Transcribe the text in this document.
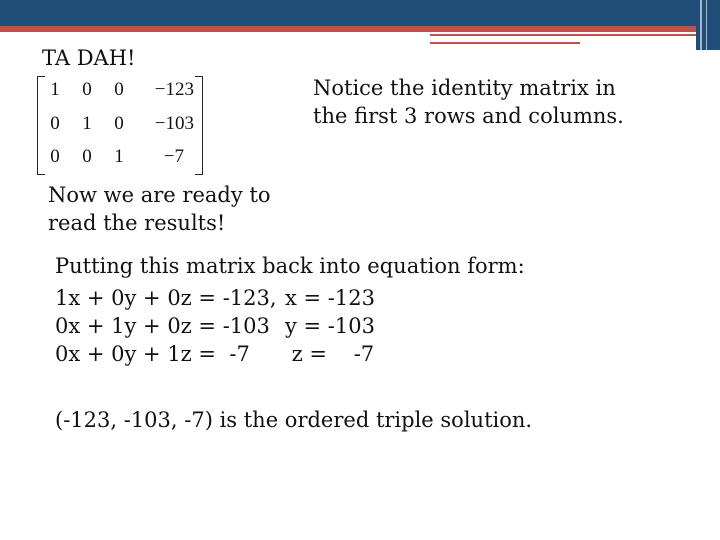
TA DAH!
1	0	0	−123
0	1	0	−103
0	0	1	−7
Notice the identity matrix in
the first 3 rows and columns.
Now we are ready to
read the results!
Putting this matrix back into equation form:
1x + 0y + 0z = -123, x = -123
0x + 1y + 0z = -103 y = -103
0x + 0y + 1z =  -7	z =    -7
(-123, -103, -7) is the ordered triple solution.
